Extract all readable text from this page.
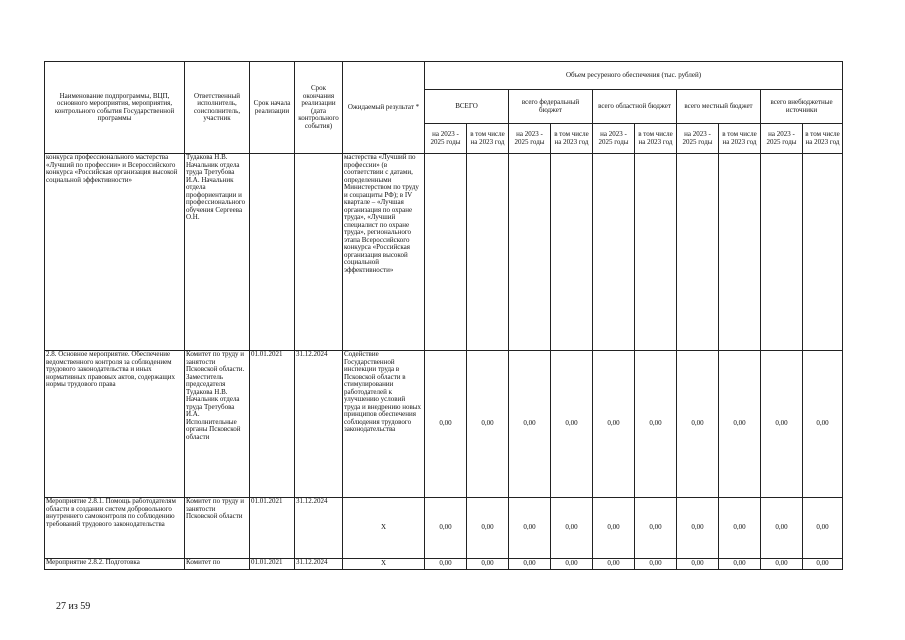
Наименование подпрограммы, ВЦП, основного мероприятия, мероприятия, контрольного события Государственной программы	Ответственный исполнитель, соисполнитель, участник	Срок начала реализации	Срок окончания реализации (дата контрольного события)	Ожидаемый результат *	Объем ресуреного обеспечения (тыс. рублей)									
					ВСЕГО		всего федеральный бюджет		всего областной бюджет		всего местный бюджет		всего внебюджетные источники	
					на 2023 - 2025 годы	в том числе на 2023 год	на 2023 - 2025 годы	в том числе на 2023 год	на 2023 - 2025 годы	в том числе на 2023 год	на 2023 - 2025 годы	в том числе на 2023 год	на 2023 - 2025 годы	в том числе на 2023 год
конкурса профессионального мастерства «Лучший по профессии» и Всероссийского конкурса «Российская организация высокой социальной эффективности»	Тудакова Н.В. Начальник отдела труда Третубова И.А. Начальник отдела профориентации и профессионального обучения Сергеева О.Н.			мастерства «Лучший по профессии» (в соответствии с датами, определенными Министерством по труду и соцзащиты РФ); в IV квартале – «Лучшая организация по охране труда», «Лучший специалист по охране труда», регионального этапа Всероссийского конкурса «Российская организация высокой социальной эффективности»										
2.8. Основное мероприятие. Обеспечение ведомственного контроля за соблюдением трудового законодательства и иных нормативных правовых актов, содержащих нормы трудового права	Комитет по труду и занятости Псковской области. Заместитель председателя Тудакова Н.В. Начальник отдела труда Третубова И.А. Исполнительные органы Псковской области	01.01.2021	31.12.2024	Содействие Государственной инспекции труда в Псковской области в стимулировании работодателей к улучшению условий труда и внедрению новых принципов обеспечения соблюдения трудового законодательства	0,00	0,00	0,00	0,00	0,00	0,00	0,00	0,00	0,00	0,00
Мероприятие 2.8.1. Помощь работодателям области в создании систем добровольного внутреннего самоконтроля по соблюдению требований трудового законодательства	Комитет по труду и занятости Псковской области	01.01.2021	31.12.2024	Х	0,00	0,00	0,00	0,00	0,00	0,00	0,00	0,00	0,00	0,00
Мероприятие 2.8.2. Подготовка	Комитет по	01.01.2021	31.12.2024	Х	0,00	0,00	0,00	0,00	0,00	0,00	0,00	0,00	0,00	0,00
27 из 59
